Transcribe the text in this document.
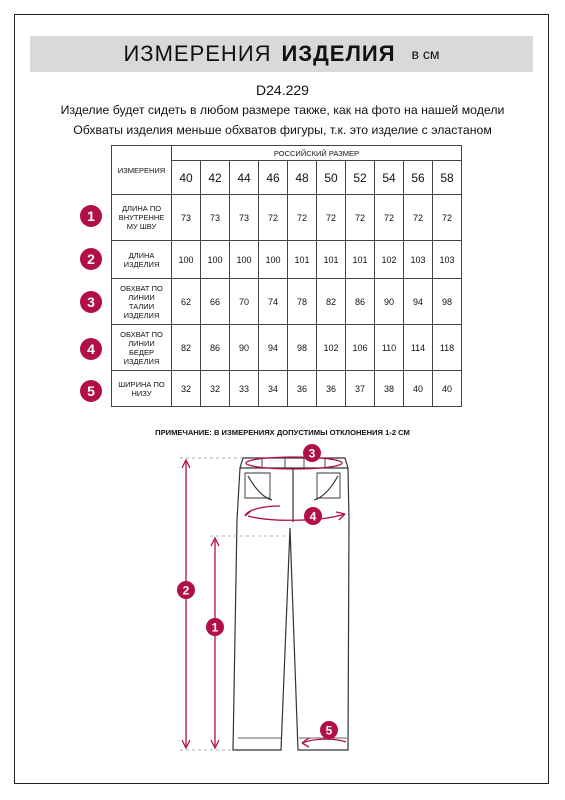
ИЗМЕРЕНИЯ ИЗДЕЛИЯ в см
D24.229
Изделие будет сидеть в любом размере также, как на фото на нашей модели
Обхваты изделия меньше обхватов фигуры, т.к. это изделие с эластаном
ИЗМЕРЕНИЯ	РОССИЙСКИЙ РАЗМЕР									
	40	42	44	46	48	50	52	54	56	58

ДЛИНА ПО
ВНУТРЕННЕ
МУ ШВУ	73	73	73	72	72	72	72	72	72	72

ДЛИНА
ИЗДЕЛИЯ	100	100	100	100	101	101	101	102	103	103

ОБХВАТ ПО
ЛИНИИ
ТАЛИИ
ИЗДЕЛИЯ	62	66	70	74	78	82	86	90	94	98

ОБХВАТ ПО
ЛИНИИ
БЕДЕР
ИЗДЕЛИЯ	82	86	90	94	98	102	106	110	114	118

ШИРИНА ПО
НИЗУ	32	32	33	34	36	36	37	38	40	40
1
2
3
4
5
ПРИМЕЧАНИЕ: В ИЗМЕРЕНИЯХ ДОПУСТИМЫ ОТКЛОНЕНИЯ 1-2 СМ
3
4
2
1
5
